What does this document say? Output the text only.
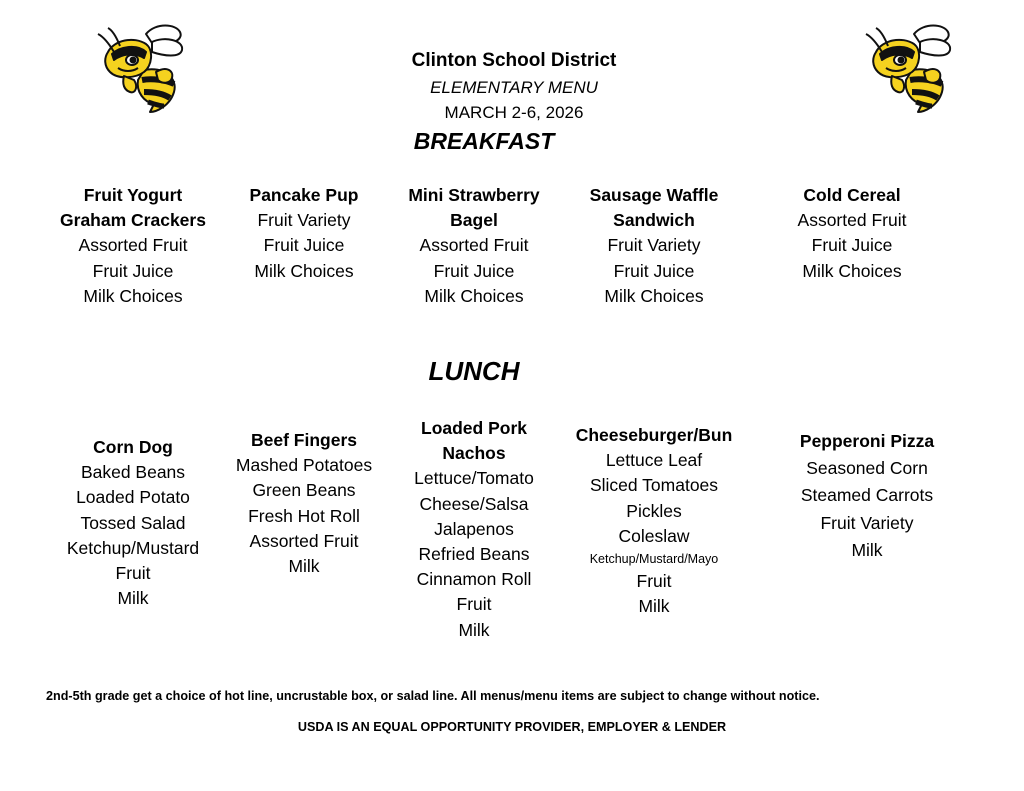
Clinton School District
ELEMENTARY MENU
MARCH 2-6, 2026
BREAKFAST
Fruit Yogurt
Graham Crackers
Assorted Fruit
Fruit Juice
Milk Choices
Pancake Pup
Fruit Variety
Fruit Juice
Milk Choices
Mini Strawberry
Bagel
Assorted Fruit
Fruit Juice
Milk Choices
Sausage Waffle
Sandwich
Fruit Variety
Fruit Juice
Milk Choices
Cold Cereal
Assorted Fruit
Fruit Juice
Milk Choices
LUNCH
Corn Dog
Baked Beans
Loaded Potato
Tossed Salad
Ketchup/Mustard
Fruit
Milk
Beef Fingers
Mashed Potatoes
Green Beans
Fresh Hot Roll
Assorted Fruit
Milk
Loaded Pork
Nachos
Lettuce/Tomato
Cheese/Salsa
Jalapenos
Refried Beans
Cinnamon Roll
Fruit
Milk
Cheeseburger/Bun
Lettuce Leaf
Sliced Tomatoes
Pickles
Coleslaw
Ketchup/Mustard/Mayo
Fruit
Milk
Pepperoni Pizza
Seasoned Corn
Steamed Carrots
Fruit Variety
Milk
2nd-5th grade get a choice of hot line, uncrustable box, or salad line. All menus/menu items are subject to change without notice.
USDA IS AN EQUAL OPPORTUNITY PROVIDER, EMPLOYER & LENDER
